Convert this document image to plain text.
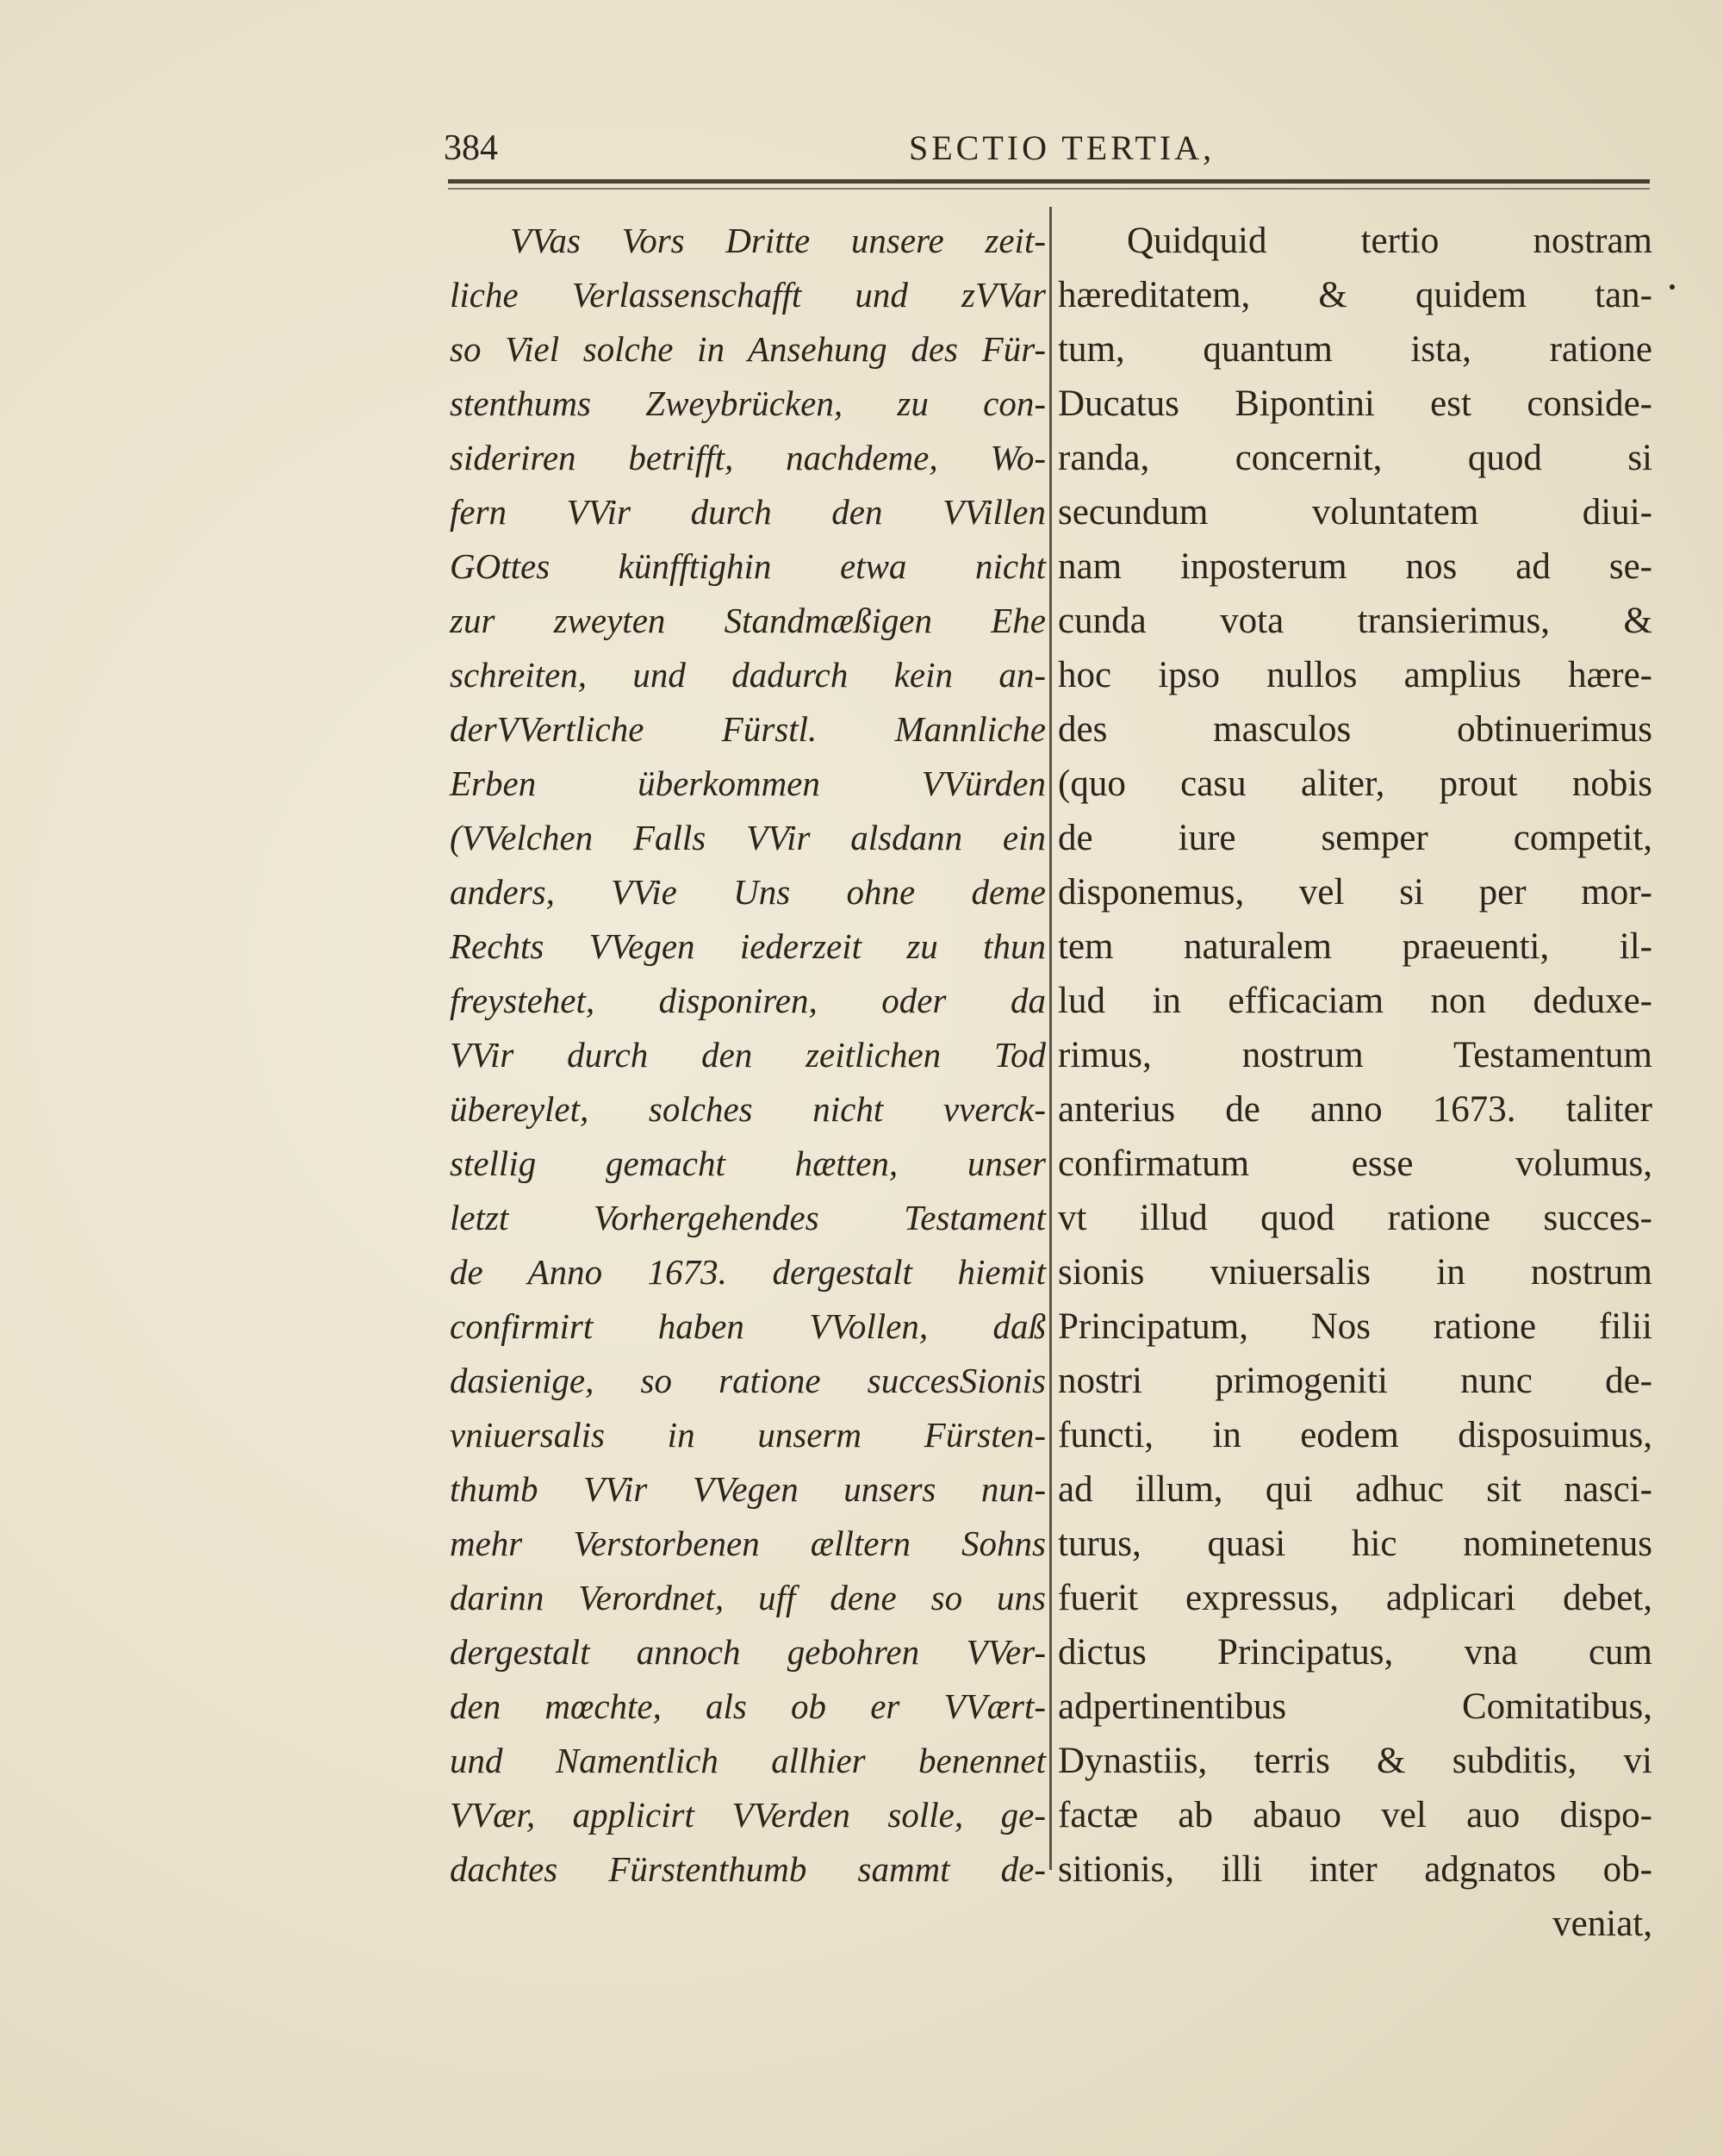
384	SECTIO TERTIA,
VVas Vors Dritte unsere zeit-
liche Verlassenschafft und zVVar
so Viel solche in Ansehung des Für-
stenthums Zweybrücken, zu con-
sideriren betrifft, nachdeme, Wo-
fern VVir durch den VVillen
GOttes künfftighin etwa nicht
zur zweyten Standmæßigen Ehe
schreiten, und dadurch kein an-
derVVertliche Fürstl. Mannliche
Erben überkommen VVürden
(VVelchen Falls VVir alsdann ein
anders, VVie Uns ohne deme
Rechts VVegen iederzeit zu thun
freystehet, disponiren, oder da
VVir durch den zeitlichen Tod
übereylet, solches nicht vverck-
stellig gemacht hætten, unser
letzt Vorhergehendes Testament
de Anno 1673. dergestalt hiemit
confirmirt haben VVollen, daß
dasienige, so ratione succesSionis
vniuersalis in unserm Fürsten-
thumb VVir VVegen unsers nun-
mehr Verstorbenen ælltern Sohns
darinn Verordnet, uff dene so uns
dergestalt annoch gebohren VVer-
den mœchte, als ob er VVært-
und Namentlich allhier benennet
VVær, applicirt VVerden solle, ge-
dachtes Fürstenthumb sammt de-
Quidquid tertio nostram
hæreditatem, & quidem tan-
tum, quantum ista, ratione
Ducatus Bipontini est conside-
randa, concernit, quod si
secundum voluntatem diui-
nam inposterum nos ad se-
cunda vota transierimus, &
hoc ipso nullos amplius hære-
des masculos obtinuerimus
(quo casu aliter, prout nobis
de iure semper competit,
disponemus, vel si per mor-
tem naturalem praeuenti, il-
lud in efficaciam non deduxe-
rimus, nostrum Testamentum
anterius de anno 1673. taliter
confirmatum esse volumus,
vt illud quod ratione succes-
sionis vniuersalis in nostrum
Principatum, Nos ratione filii
nostri primogeniti nunc de-
functi, in eodem disposuimus,
ad illum, qui adhuc sit nasci-
turus, quasi hic nominetenus
fuerit expressus, adplicari debet,
dictus Principatus, vna cum
adpertinentibus Comitatibus,
Dynastiis, terris & subditis, vi
factæ ab abauo vel auo dispo-
sitionis, illi inter adgnatos ob-
veniat,
